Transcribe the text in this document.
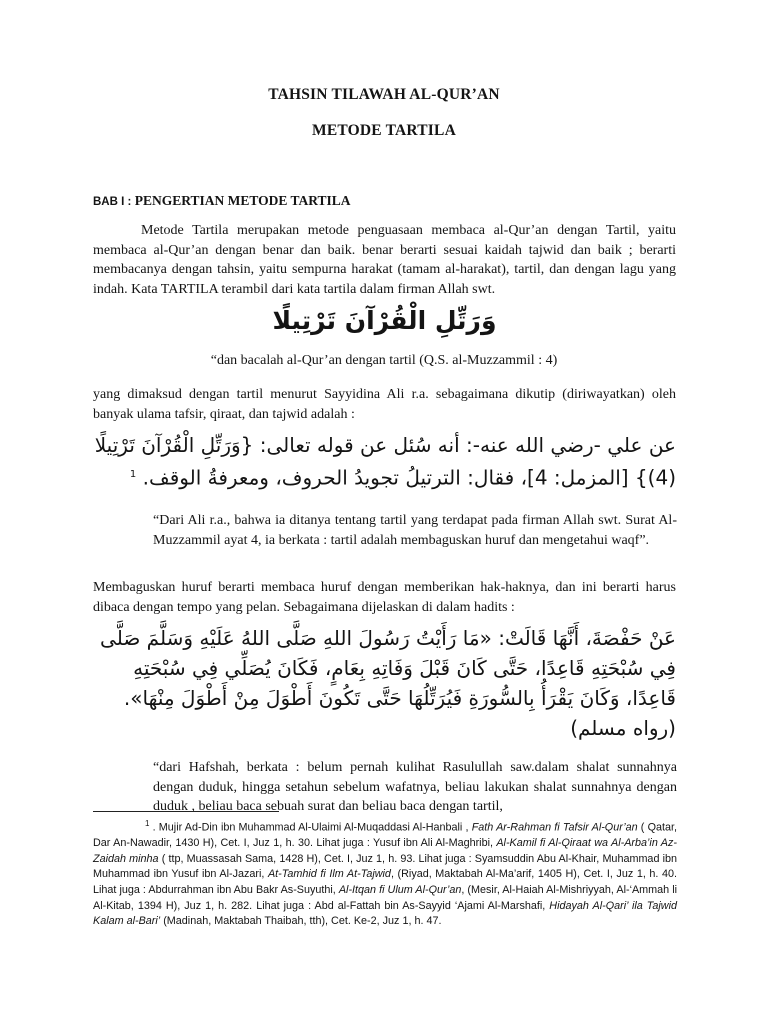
TAHSIN TILAWAH AL-QUR’AN
METODE TARTILA
BAB I : PENGERTIAN METODE TARTILA

Metode Tartila merupakan metode penguasaan membaca al-Qur’an dengan Tartil, yaitu membaca al-Qur’an dengan benar dan baik. benar berarti sesuai kaidah tajwid dan baik ; berarti membacanya dengan tahsin, yaitu sempurna harakat (tamam al-harakat), tartil, dan dengan lagu yang indah. Kata TARTILA terambil dari kata tartila dalam firman Allah swt.

وَرَتِّلِ الْقُرْآنَ تَرْتِيلًا
“dan bacalah al-Qur’an dengan tartil (Q.S. al-Muzzammil : 4)

yang dimaksud dengan tartil menurut Sayyidina Ali r.a. sebagaimana dikutip (diriwayatkan) oleh banyak ulama tafsir, qiraat, dan tajwid adalah :

عن علي -رضي الله عنه-: أنه سُئل عن قوله تعالى: {وَرَتِّلِ الْقُرْآنَ تَرْتِيلًا (4)} [المزمل: 4]، فقال: الترتيلُ تجويدُ الحروف، ومعرفةُ الوقف. $^1$

“Dari Ali r.a., bahwa ia ditanya tentang tartil yang terdapat pada firman Allah swt. Surat Al-Muzzammil ayat 4, ia berkata : tartil adalah membaguskan huruf dan mengetahui waqf”.

Membaguskan huruf berarti membaca huruf dengan memberikan hak-haknya, dan ini berarti harus dibaca dengan tempo yang pelan. Sebagaimana dijelaskan di dalam hadits :

عَنْ حَفْصَةَ، أَنَّهَا قَالَتْ: «مَا رَأَيْتُ رَسُولَ اللهِ صَلَّى اللهُ عَلَيْهِ وَسَلَّمَ صَلَّى فِي سُبْحَتِهِ قَاعِدًا، حَتَّى كَانَ قَبْلَ وَفَاتِهِ بِعَامٍ، فَكَانَ يُصَلِّي فِي سُبْحَتِهِ قَاعِدًا، وَكَانَ يَقْرَأُ بِالسُّورَةِ فَيُرَتِّلُهَا حَتَّى تَكُونَ أَطْوَلَ مِنْ أَطْوَلَ مِنْهَا».(رواه مسلم)

“dari Hafshah, berkata : belum pernah kulihat Rasulullah saw.dalam shalat sunnahnya dengan duduk, hingga setahun sebelum wafatnya, beliau lakukan shalat sunnahnya dengan duduk , beliau baca sebuah surat dan beliau baca dengan tartil,

$^1$ . Mujir Ad-Din ibn Muhammad Al-Ulaimi Al-Muqaddasi Al-Hanbali , Fath Ar-Rahman fi Tafsir Al-Qur’an ( Qatar, Dar An-Nawadir, 1430 H), Cet. I, Juz 1, h. 30. Lihat juga : Yusuf ibn Ali Al-Maghribi, Al-Kamil fi Al-Qiraat wa Al-Arba’in Az-Zaidah minha ( ttp, Muassasah Sama, 1428 H), Cet. I, Juz 1, h. 93. Lihat juga : Syamsuddin Abu Al-Khair, Muhammad ibn Muhammad ibn Yusuf ibn Al-Jazari, At-Tamhid fi Ilm At-Tajwid, (Riyad, Maktabah Al-Ma’arif, 1405 H), Cet. I, Juz 1, h. 40. Lihat juga : Abdurrahman ibn Abu Bakr As-Suyuthi, Al-Itqan fi Ulum Al-Qur’an, (Mesir, Al-Haiah Al-Mishriyyah, Al-‘Ammah li Al-Kitab, 1394 H), Juz 1, h. 282. Lihat juga : Abd al-Fattah bin As-Sayyid ‘Ajami Al-Marshafi, Hidayah Al-Qari’ ila Tajwid Kalam al-Bari’ (Madinah, Maktabah Thaibah, tth), Cet. Ke-2, Juz 1, h. 47.
